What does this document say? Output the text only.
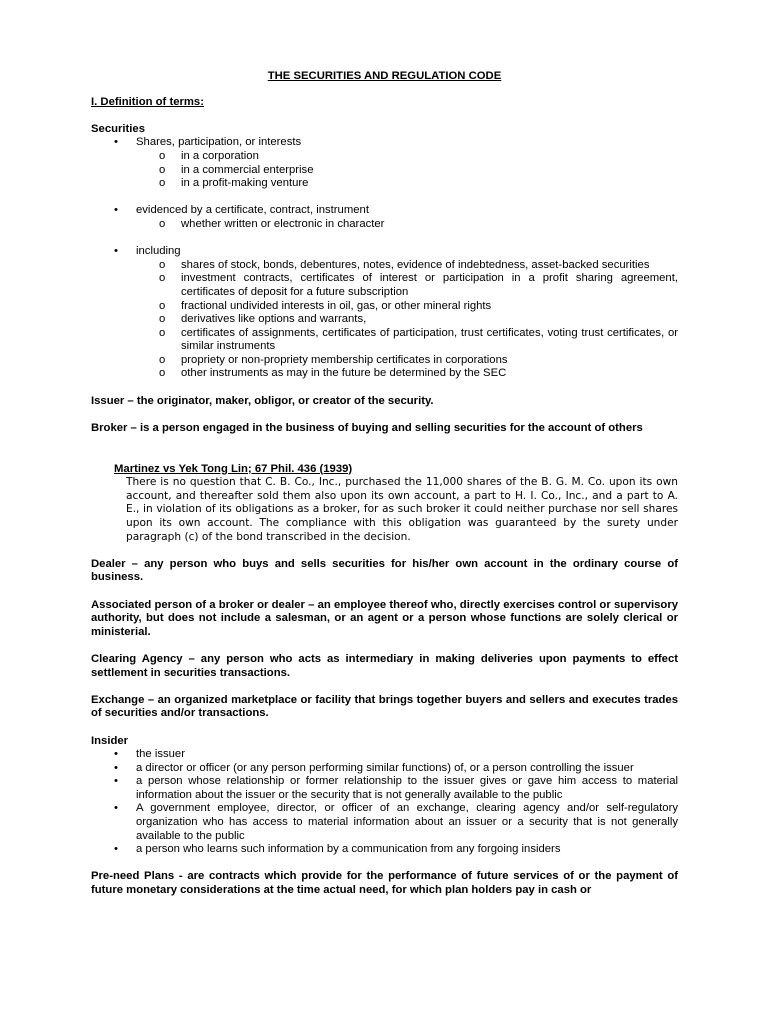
THE SECURITIES AND REGULATION CODE

I. Definition of terms:

Securities

• Shares, participation, or interests
o in a corporation
o in a commercial enterprise
o in a profit-making venture
• evidenced by a certificate, contract, instrument
o whether written or electronic in character
• including
o shares of stock, bonds, debentures, notes, evidence of indebtedness, asset-backed securities
o investment contracts, certificates of interest or participation in a profit sharing agreement, certificates of deposit for a future subscription
o fractional undivided interests in oil, gas, or other mineral rights
o derivatives like options and warrants,
o certificates of assignments, certificates of participation, trust certificates, voting trust certificates, or similar instruments
o propriety or non-propriety membership certificates in corporations
o other instruments as may in the future be determined by the SEC

Issuer – the originator, maker, obligor, or creator of the security.

Broker – is a person engaged in the business of buying and selling securities for the account of others

Martinez vs Yek Tong Lin; 67 Phil. 436 (1939)

There is no question that C. B. Co., Inc., purchased the 11,000 shares of the B. G. M. Co. upon its own account, and thereafter sold them also upon its own account, a part to H. I. Co., Inc., and a part to A. E., in violation of its obligations as a broker, for as such broker it could neither purchase nor sell shares upon its own account. The compliance with this obligation was guaranteed by the surety under paragraph (c) of the bond transcribed in the decision.

Dealer – any person who buys and sells securities for his/her own account in the ordinary course of business.

Associated person of a broker or dealer – an employee thereof who, directly exercises control or supervisory authority, but does not include a salesman, or an agent or a person whose functions are solely clerical or ministerial.

Clearing Agency – any person who acts as intermediary in making deliveries upon payments to effect settlement in securities transactions.

Exchange – an organized marketplace or facility that brings together buyers and sellers and executes trades of securities and/or transactions.

Insider

• the issuer
• a director or officer (or any person performing similar functions) of, or a person controlling the issuer
• a person whose relationship or former relationship to the issuer gives or gave him access to material information about the issuer or the security that is not generally available to the public
• A government employee, director, or officer of an exchange, clearing agency and/or self-regulatory organization who has access to material information about an issuer or a security that is not generally available to the public
• a person who learns such information by a communication from any forgoing insiders

Pre-need Plans - are contracts which provide for the performance of future services of or the payment of future monetary considerations at the time actual need, for which plan holders pay in cash or
